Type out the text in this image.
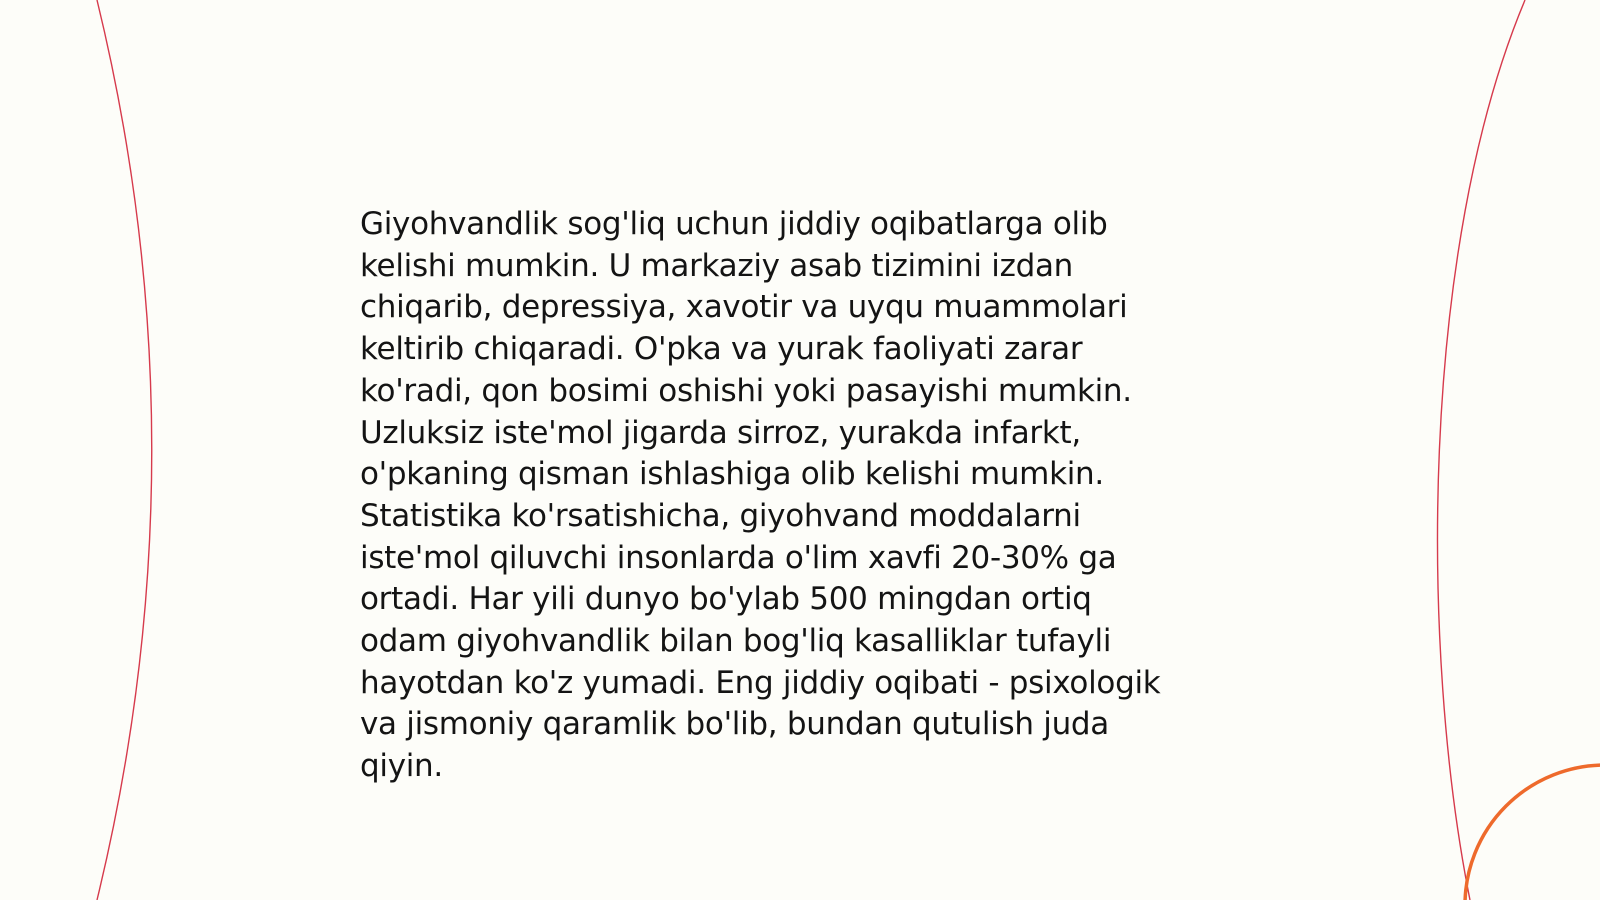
Giyohvandlik sog'liq uchun jiddiy oqibatlarga olib
kelishi mumkin. U markaziy asab tizimini izdan
chiqarib, depressiya, xavotir va uyqu muammolari
keltirib chiqaradi. O'pka va yurak faoliyati zarar
ko'radi, qon bosimi oshishi yoki pasayishi mumkin.
Uzluksiz iste'mol jigarda sirroz, yurakda infarkt,
o'pkaning qisman ishlashiga olib kelishi mumkin.
Statistika ko'rsatishicha, giyohvand moddalarni
iste'mol qiluvchi insonlarda o'lim xavfi 20-30% ga
ortadi. Har yili dunyo bo'ylab 500 mingdan ortiq
odam giyohvandlik bilan bog'liq kasalliklar tufayli
hayotdan ko'z yumadi. Eng jiddiy oqibati - psixologik
va jismoniy qaramlik bo'lib, bundan qutulish juda
qiyin.
